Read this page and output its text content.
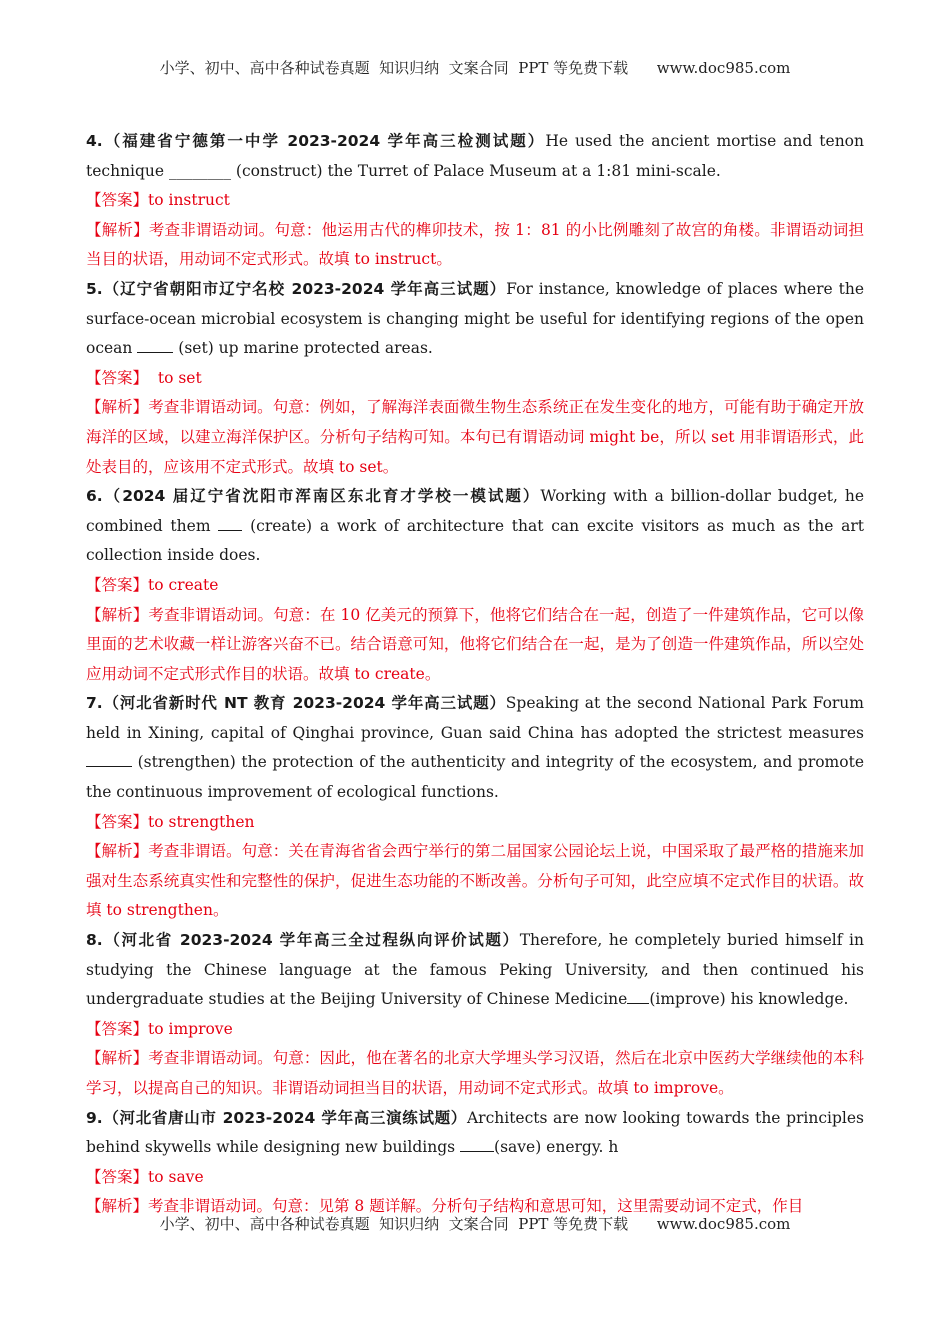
小学、初中、高中各种试卷真题  知识归纳  文案合同  PPT 等免费下载      www.doc985.com

4.（福建省宁德第一中学 2023-2024 学年高三检测试题）He used the ancient mortise and tenon technique ________ (construct) the Turret of Palace Museum at a 1:81 mini-scale.

【答案】to instruct

【解析】考查非谓语动词。句意：他运用古代的榫卯技术，按 1：81 的小比例雕刻了故宫的角楼。非谓语动词担当目的状语，用动词不定式形式。故填 to instruct。

5.（辽宁省朝阳市辽宁名校 2023-2024 学年高三试题）For instance, knowledge of places where the surface-ocean microbial ecosystem is changing might be useful for identifying regions of the open ocean	(set) up marine protected areas.

【答案】  to set

【解析】考查非谓语动词。句意：例如，了解海洋表面微生物生态系统正在发生变化的地方，可能有助于确定开放海洋的区域，以建立海洋保护区。分析句子结构可知。本句已有谓语动词 might be，所以 set 用非谓语形式，此处表目的，应该用不定式形式。故填 to set。

6.（2024 届辽宁省沈阳市浑南区东北育才学校一模试题）Working with a billion-dollar budget, he combined them	(create) a work of architecture that can excite visitors as much as the art collection inside does.

【答案】to create

【解析】考查非谓语动词。句意：在 10 亿美元的预算下，他将它们结合在一起，创造了一件建筑作品，它可以像里面的艺术收藏一样让游客兴奋不已。结合语意可知，他将它们结合在一起，是为了创造一件建筑作品，所以空处应用动词不定式形式作目的状语。故填 to create。

7.（河北省新时代 NT 教育 2023-2024 学年高三试题）Speaking at the second National Park Forum held in Xining, capital of Qinghai province, Guan said China has adopted the strictest measures  (strengthen) the protection of the authenticity and integrity of the ecosystem, and promote the continuous improvement of ecological functions.

【答案】to strengthen

【解析】考查非谓语。句意：关在青海省省会西宁举行的第二届国家公园论坛上说，中国采取了最严格的措施来加强对生态系统真实性和完整性的保护，促进生态功能的不断改善。分析句子可知，此空应填不定式作目的状语。故填 to strengthen。

8.（河北省 2023-2024 学年高三全过程纵向评价试题）Therefore, he completely buried himself in studying the Chinese language at the famous Peking University, and then continued his undergraduate studies at the Beijing University of Chinese Medicine (improve) his knowledge.

【答案】to improve

【解析】考查非谓语动词。句意：因此，他在著名的北京大学埋头学习汉语，然后在北京中医药大学继续他的本科学习，以提高自己的知识。非谓语动词担当目的状语，用动词不定式形式。故填 to improve。

9.（河北省唐山市 2023-2024 学年高三演练试题）Architects are now looking towards the principles behind skywells while designing new buildings	(save) energy. h

【答案】to save

【解析】考查非谓语动词。句意：见第 8 题详解。分析句子结构和意思可知，这里需要动词不定式，作目

小学、初中、高中各种试卷真题  知识归纳  文案合同  PPT 等免费下载      www.doc985.com
